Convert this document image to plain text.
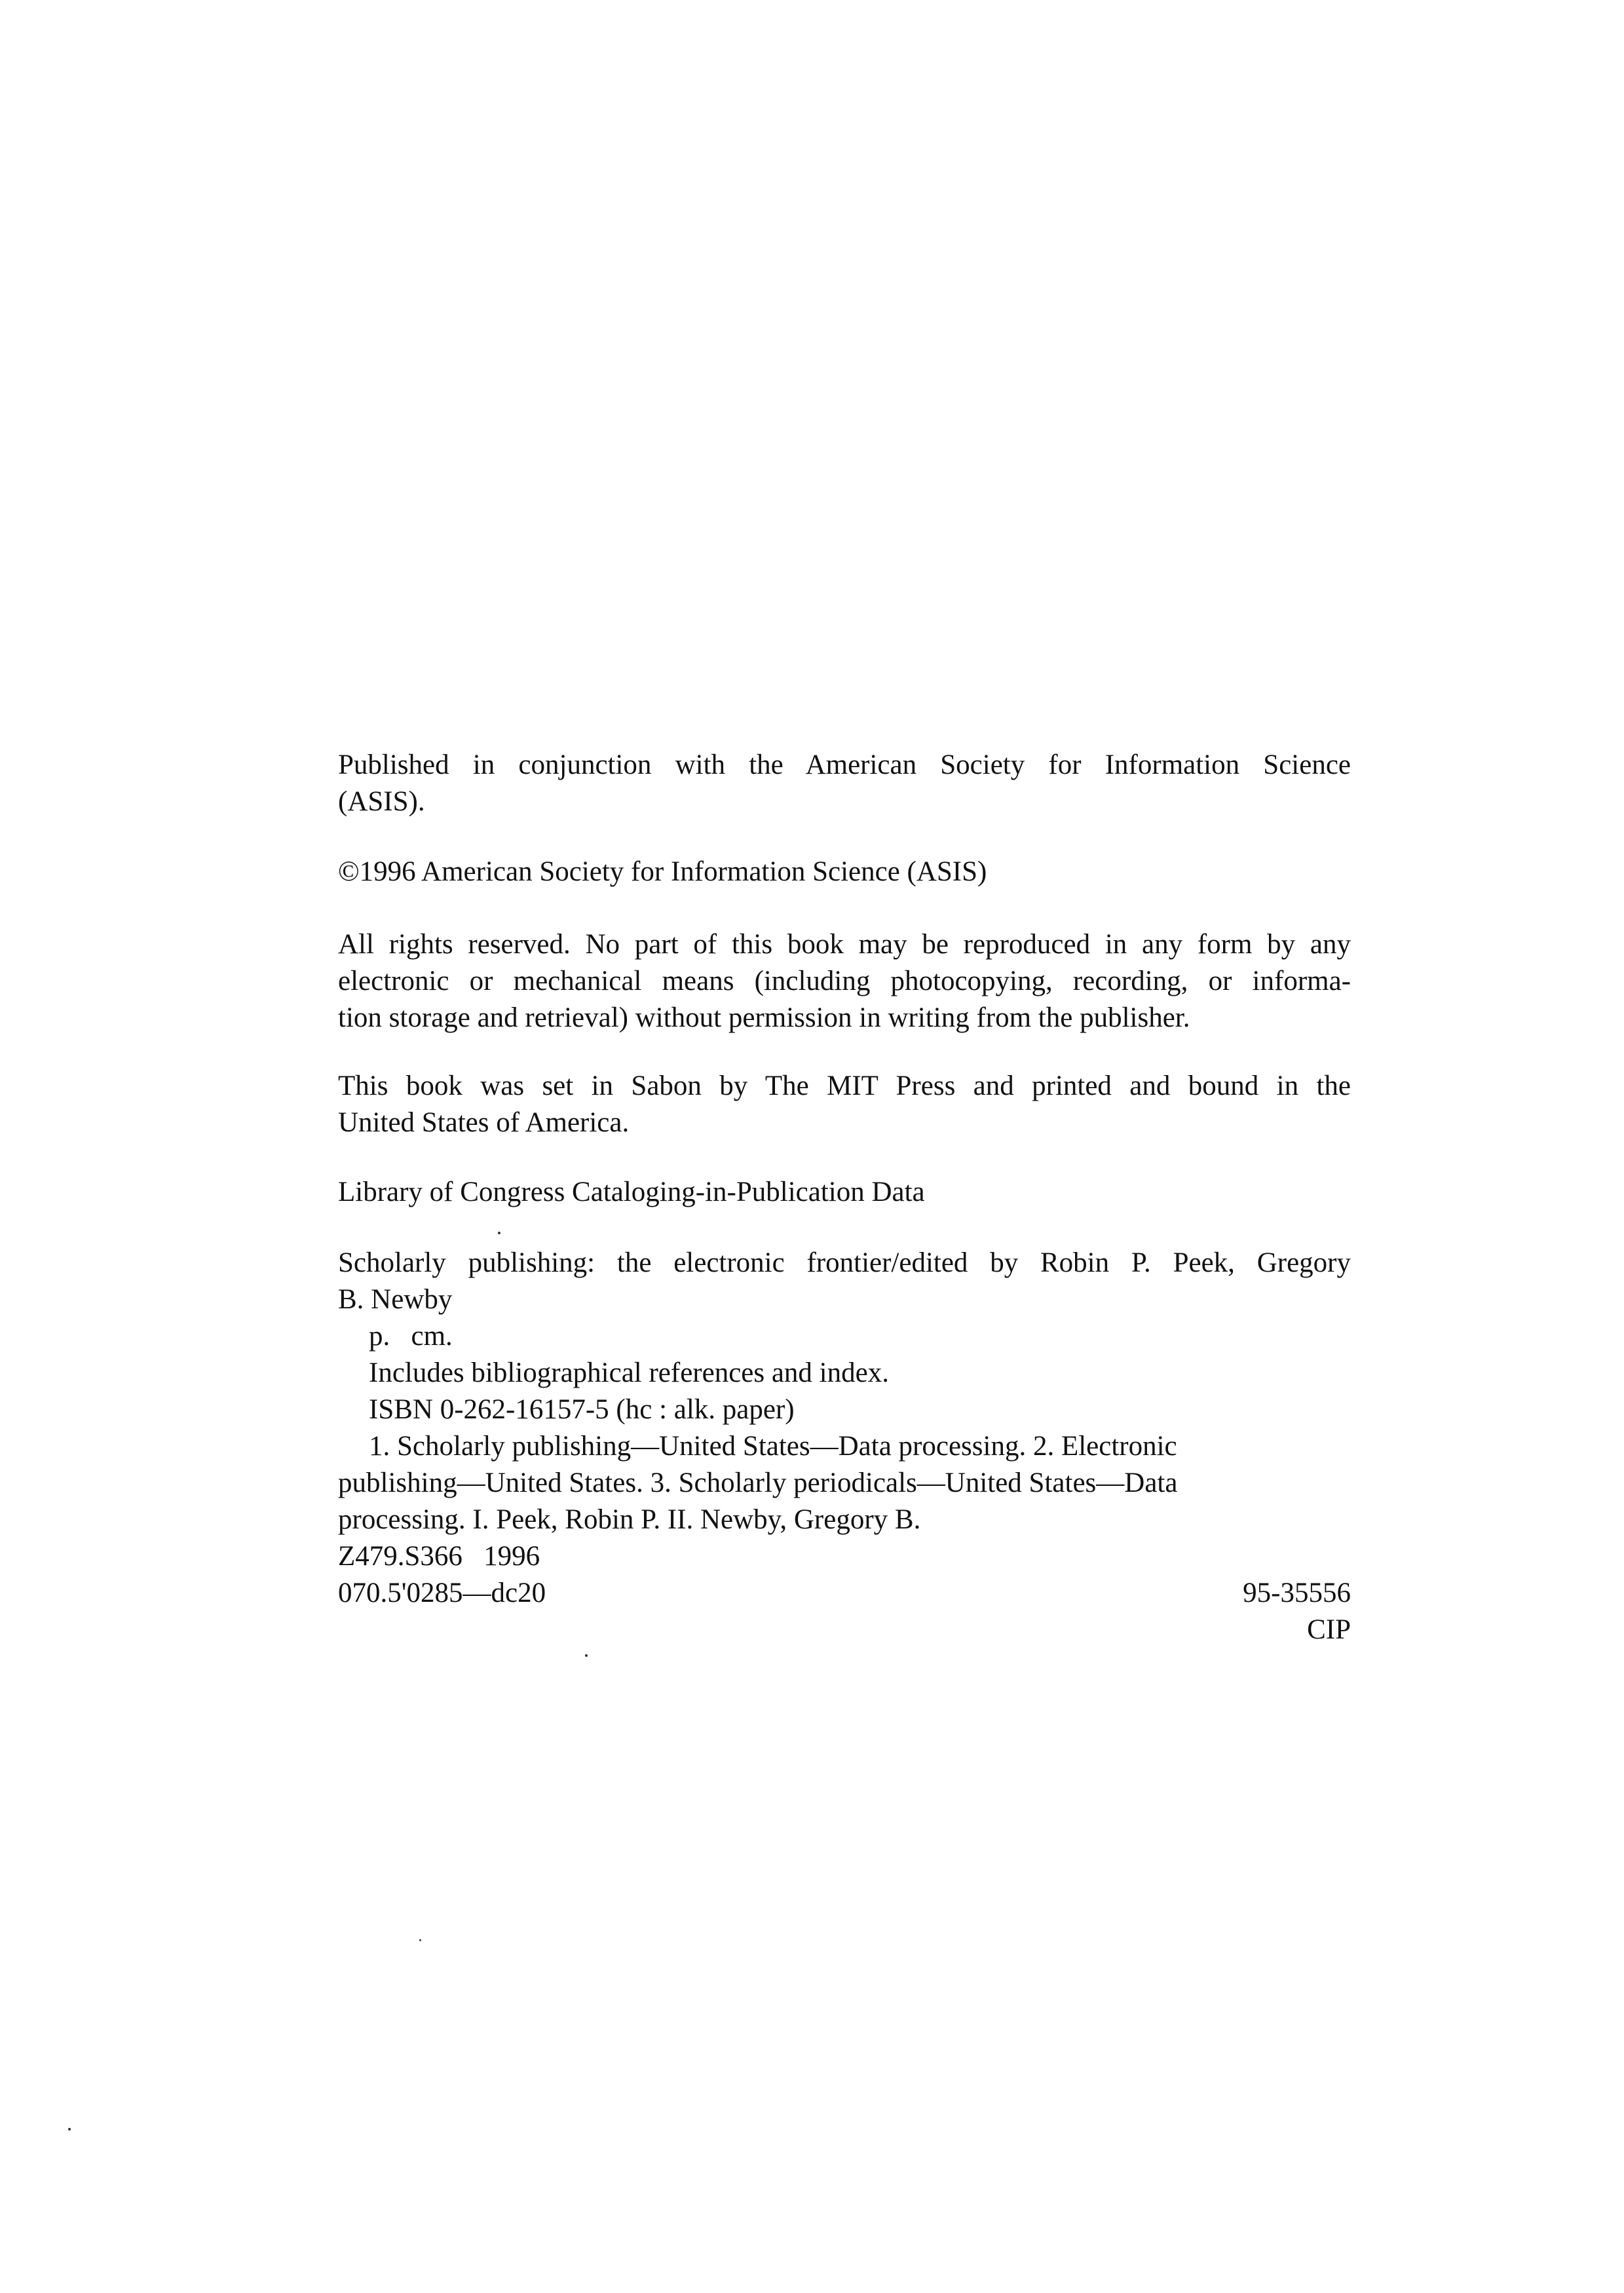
Published in conjunction with the American Society for Information Science
(ASIS).
©1996 American Society for Information Science (ASIS)
All rights reserved. No part of this book may be reproduced in any form by any
electronic or mechanical means (including photocopying, recording, or informa-
tion storage and retrieval) without permission in writing from the publisher.
This book was set in Sabon by The MIT Press and printed and bound in the
United States of America.
Library of Congress Cataloging-in-Publication Data
Scholarly publishing: the electronic frontier/edited by Robin P. Peek, Gregory
B. Newby
p.   cm.
Includes bibliographical references and index.
ISBN 0-262-16157-5 (hc : alk. paper)
1. Scholarly publishing—United States—Data processing. 2. Electronic
publishing—United States. 3. Scholarly periodicals—United States—Data
processing. I. Peek, Robin P. II. Newby, Gregory B.
Z479.S366   1996
070.5'0285—dc20	95-35556
CIP
